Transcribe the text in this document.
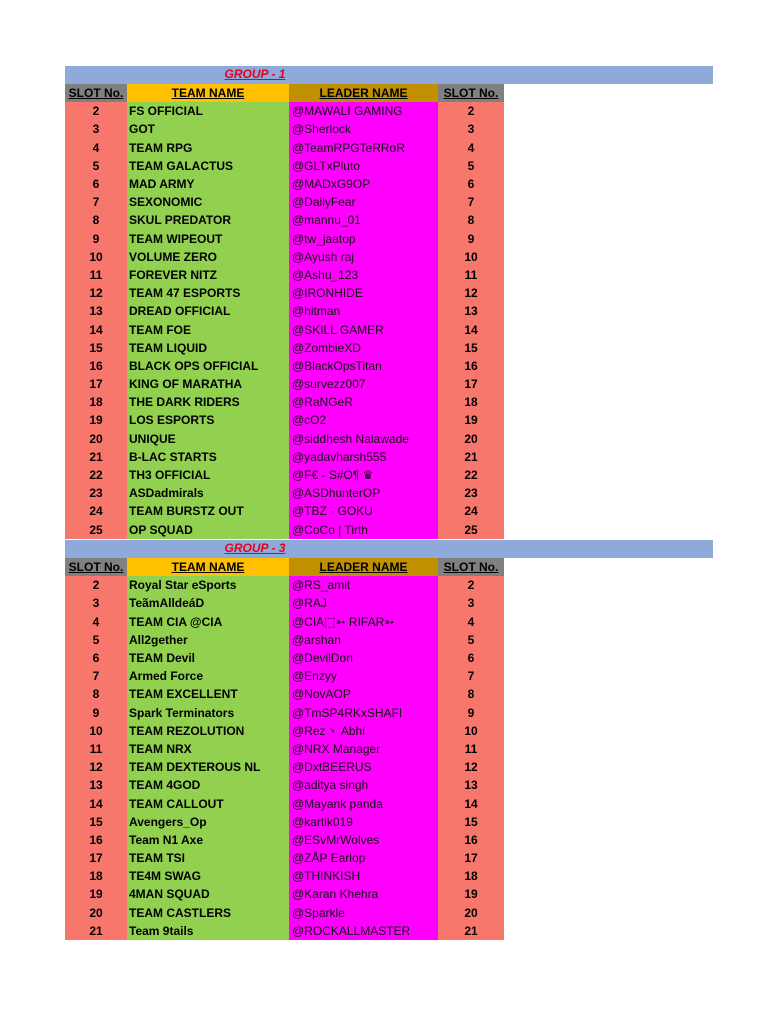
GROUP - 1
SLOT No.	TEAM NAME	LEADER NAME	SLOT No.
2	FS OFFICIAL	@MAWALI GAMING	2
3	GOT	@Sherlock	3
4	TEAM RPG	@TeamRPGTeRRoR	4
5	TEAM GALACTUS	@GLTxPluto	5
6	MAD ARMY	@MADxG9OP	6
7	SEXONOMIC	@DailyFear	7
8	SKUL PREDATOR	@mannu_01	8
9	TEAM WIPEOUT	@tw_jaatop	9
10	VOLUME ZERO	@Ayush raj	10
11	FOREVER NITZ	@Ashu_123	11
12	TEAM 47 ESPORTS	@IRONHIDE	12
13	DREAD OFFICIAL	@hitman	13
14	TEAM FOE	@SKILL GAMER	14
15	TEAM LIQUID	@ZombieXD	15
16	BLACK OPS OFFICIAL	@BlackOpsTitan	16
17	KING OF MARATHA	@survezz007	17
18	THE DARK RIDERS	@RaNGeR	18
19	LOS ESPORTS	@cO2	19
20	UNIQUE	@siddhesh Nalawade	20
21	B-LAC STARTS	@yadavharsh555	21
22	TH3 OFFICIAL	@F€ - S#O¶ ♛	22
23	ASDadmirals	@ASDhunterOP	23
24	TEAM BURSTZ OUT	@TBZ · GOKU	24
25	OP SQUAD	@CoCo | Tirth	25
GROUP - 3
SLOT No.	TEAM NAME	LEADER NAME	SLOT No.
2	Royal Star eSports	@RS_amit	2
3	TeãmAlldeáD	@RAJ	3
4	TEAM CIA @CIA	@CIA⬚➳ RIFAR➳	4
5	All2gether	@arshan	5
6	TEAM Devil	@DevilDon	6
7	Armed Force	@Enzyy	7
8	TEAM EXCELLENT	@NovAOP	8
9	Spark Terminators	@TmSP4RKxSHAFI	9
10	TEAM REZOLUTION	@Rez丶 Abhi	10
11	TEAM NRX	@NRX Manager	11
12	TEAM DEXTEROUS NL	@DxtBEERUS	12
13	TEAM 4GOD	@aditya singh	13
14	TEAM CALLOUT	@Mayank panda	14
15	Avengers_Op	@kartik019	15
16	Team N1 Axe	@ESvMrWolves	16
17	TEAM TSI	@ZÅP Earlop	17
18	TE4M SWAG	@THINKISH	18
19	4MAN SQUAD	@Karan Khehra	19
20	TEAM CASTLERS	@Sparkle	20
21	Team 9tails	@ROCKALLMASTER	21
